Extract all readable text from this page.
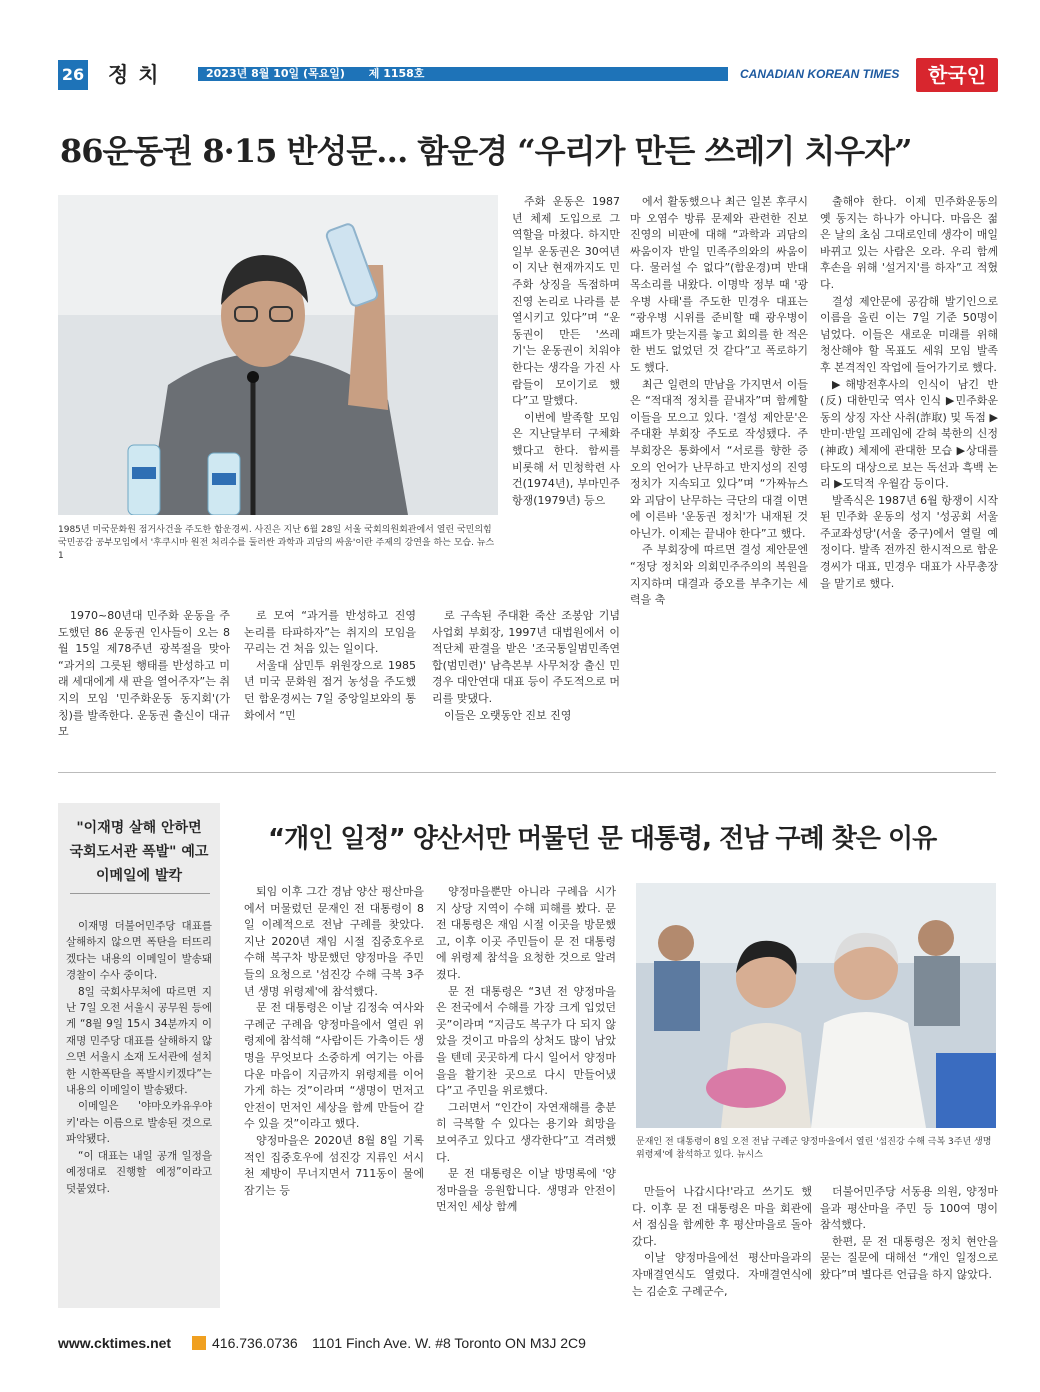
26 정치	2023년 8월 10일 (목요일) 제 1158호	CANADIAN KOREAN TIMES	한국인
86운동권 8·15 반성문… 함운경 “우리가 만든 쓰레기 치우자”
1985년 미국문화원 점거사건을 주도한 함운경씨. 사진은 지난 6월 28일 서울 국회의원회관에서 열린 국민의힘 국민공감 공부모임에서 '후쿠시마 원전 처리수를 둘러싼 과학과 괴담의 싸움'이란 주제의 강연을 하는 모습. 뉴스1

1970~80년대 민주화 운동을 주도했던 86 운동권 인사들이 오는 8월 15일 제78주년 광복절을 맞아 “과거의 그릇된 행태를 반성하고 미래 세대에게 새 판을 열어주자”는 취지의 모임 '민주화운동 동지회'(가칭)를 발족한다. 운동권 출신이 대규모

로 모여 “과거를 반성하고 진영 논리를 타파하자”는 취지의 모임을 꾸리는 건 처음 있는 일이다.

서울대 삼민투 위원장으로 1985년 미국 문화원 점거 농성을 주도했던 함운경씨는 7일 중앙일보와의 통화에서 “민

주화 운동은 1987년 체제 도입으로 그 역할을 마쳤다. 하지만 일부 운동권은 30여년이 지난 현재까지도 민주화 상징을 독점하며 진영 논리로 나라를 분열시키고 있다”며 “운동권이 만든 '쓰레기'는 운동권이 치워야 한다는 생각을 가진 사람들이 모이기로 했다”고 말했다.

이번에 발족할 모임은 지난달부터 구체화했다고 한다. 함씨를 비롯해 서 민청학련 사건(1974년), 부마민주항쟁(1979년) 등으

로 구속된 주대환 죽산 조봉암 기념사업회 부회장, 1997년 대법원에서 이적단체 판결을 받은 '조국통일범민족연합(범민련)' 남측본부 사무처장 출신 민경우 대안연대 대표 등이 주도적으로 머리를 맞댔다.

이들은 오랫동안 진보 진영

에서 활동했으나 최근 일본 후쿠시마 오염수 방류 문제와 관련한 진보 진영의 비판에 대해 “과학과 괴담의 싸움이자 반일 민족주의와의 싸움이다. 물러설 수 없다”(함운경)며 반대 목소리를 내왔다. 이명박 정부 때 '광우병 사태'를 주도한 민경우 대표는 “광우병 시위를 준비할 때 광우병이 패트가 맞는지를 놓고 회의를 한 적은 한 번도 없었던 것 같다”고 폭로하기도 했다.

최근 일련의 만남을 가지면서 이들은 “적대적 정치를 끝내자”며 함께할 이들을 모으고 있다. '결성 제안문'은 주대환 부회장 주도로 작성됐다. 주 부회장은 통화에서 “서로를 향한 증오의 언어가 난무하고 반지성의 진영 정치가 지속되고 있다”며 “가짜뉴스와 괴담이 난무하는 극단의 대결 이면에 이른바 '운동권 정치'가 내재된 것 아닌가. 이제는 끝내야 한다”고 했다.

주 부회장에 따르면 결성 제안문엔 “정당 정치와 의회민주주의의 복원을 지지하며 대결과 증오를 부추기는 세력을 축

출해야 한다. 이제 민주화운동의 옛 동지는 하나가 아니다. 마음은 젊은 날의 초심 그대로인데 생각이 매일 바뀌고 있는 사람은 오라. 우리 함께 후손을 위해 '설거지'를 하자”고 적혔다.

결성 제안문에 공감해 발기인으로 이름을 올린 이는 7일 기준 50명이 넘었다. 이들은 새로운 미래를 위해 청산해야 할 목표도 세워 모임 발족 후 본격적인 작업에 들어가기로 했다.

▶해방전후사의 인식이 남긴 반(反) 대한민국 역사 인식 ▶민주화운동의 상징 자산 사취(詐取) 및 독점 ▶반미·반일 프레임에 갇혀 북한의 신정(神政) 체제에 관대한 모습 ▶상대를 타도의 대상으로 보는 독선과 흑백 논리 ▶도덕적 우월감 등이다.

발족식은 1987년 6월 항쟁이 시작된 민주화 운동의 성지 '성공회 서울주교좌성당'(서울 중구)에서 열릴 예정이다. 발족 전까진 한시적으로 함운경씨가 대표, 민경우 대표가 사무총장을 맡기로 했다.

"이재명 살해 안하면
국회도서관 폭발" 예고
이메일에 발칵

이재명 더불어민주당 대표를 살해하지 않으면 폭탄을 터뜨리겠다는 내용의 이메일이 발송돼 경찰이 수사 중이다.

8일 국회사무처에 따르면 지난 7일 오전 서울시 공무원 등에게 “8월 9일 15시 34분까지 이재명 민주당 대표를 살해하지 않으면 서울시 소재 도서관에 설치한 시한폭탄을 폭발시키겠다”는 내용의 이메일이 발송됐다.

이메일은 '야마오카유우야키'라는 이름으로 발송된 것으로 파악됐다.

“이 대표는 내일 공개 일정을 예정대로 진행할 예정”이라고 덧붙였다.

“개인 일정” 양산서만 머물던 문 대통령, 전남 구례 찾은 이유

퇴임 이후 그간 경남 양산 평산마을에서 머물렀던 문재인 전 대통령이 8일 이례적으로 전남 구례를 찾았다. 지난 2020년 재임 시절 집중호우로 수해 복구차 방문했던 양정마을 주민들의 요청으로 '섬진강 수해 극복 3주년 생명 위령제'에 참석했다.

문 전 대통령은 이날 김정숙 여사와 구례군 구례읍 양정마을에서 열린 위령제에 참석해 “사람이든 가축이든 생명을 무엇보다 소중하게 여기는 아름다운 마음이 지금까지 위령제를 이어가게 하는 것”이라며 “생명이 먼저고 안전이 먼저인 세상을 함께 만들어 갈 수 있을 것”이라고 했다.

양정마을은 2020년 8월 8일 기록적인 집중호우에 섬진강 지류인 서시천 제방이 무너지면서 711동이 물에 잠기는 등

양정마을뿐만 아니라 구례읍 시가지 상당 지역이 수해 피해를 봤다. 문 전 대통령은 재임 시절 이곳을 방문했고, 이후 이곳 주민들이 문 전 대통령에 위령제 참석을 요청한 것으로 알려졌다.

문 전 대통령은 “3년 전 양정마을은 전국에서 수해를 가장 크게 입었던 곳”이라며 “지금도 복구가 다 되지 않았을 것이고 마음의 상처도 많이 남았을 텐데 곳곳하게 다시 일어서 양정마을을 활기찬 곳으로 다시 만들어냈다”고 주민을 위로했다.

그러면서 “인간이 자연재해를 충분히 극복할 수 있다는 용기와 희망을 보여주고 있다고 생각한다”고 격려했다.

문 전 대통령은 이날 방명록에 '양정마을을 응원합니다. 생명과 안전이 먼저인 세상 함께

문재인 전 대통령이 8일 오전 전남 구례군 양정마을에서 열린 '섬진강 수해 극복 3주년 생명 위령제'에 참석하고 있다. 뉴시스

만들어 나갑시다!'라고 쓰기도 했다. 이후 문 전 대통령은 마을 회관에서 점심을 함께한 후 평산마을로 돌아갔다.

이날 양정마을에선 평산마을과의 자매결연식도 열렸다. 자매결연식에는 김순호 구례군수,

더불어민주당 서동용 의원, 양정마을과 평산마을 주민 등 100여 명이 참석했다.

한편, 문 전 대통령은 정치 현안을 묻는 질문에 대해선 “개인 일정으로 왔다”며 별다른 언급을 하지 않았다.

www.cktimes.net	416.736.0736 1101 Finch Ave. W. #8 Toronto ON M3J 2C9
